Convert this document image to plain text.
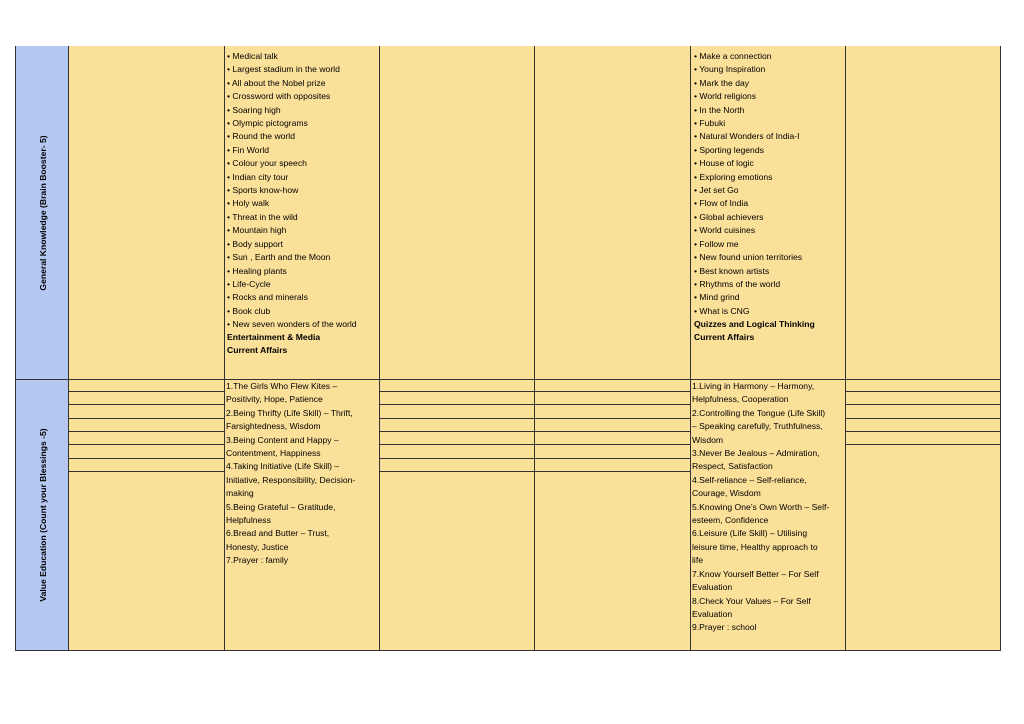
General Knowledge (Brain Booster- 5)
Value Education (Count your Blessings -5)
• Medical talk
• Largest stadium in the world
• All about the Nobel prize
• Crossword with opposites
• Soaring high
• Olympic pictograms
• Round the world
• Fin World
• Colour your speech
• Indian city tour
• Sports know-how
• Holy walk
• Threat in the wild
• Mountain high
• Body support
• Sun , Earth and the Moon
• Healing plants
• Life-Cycle
• Rocks and minerals
• Book club
• New seven wonders of the world
Entertainment & Media
Current Affairs
• Make a connection
• Young Inspiration
• Mark the day
• World religions
• In the North
• Fubuki
• Natural Wonders of India-I
• Sporting legends
• House of logic
• Exploring emotions
• Jet set Go
• Flow of India
• Global achievers
• World cuisines
• Follow me
• New found union territories
• Best known artists
• Rhythms of the world
• Mind grind
• What is CNG
Quizzes and Logical Thinking
Current Affairs
1.The Girls Who Flew Kites –
Positivity, Hope, Patience
2.Being Thrifty (Life Skill) – Thrift,
Farsightedness, Wisdom
3.Being Content and Happy –
Contentment, Happiness
4.Taking Initiative (Life Skill) –
Initiative, Responsibility, Decision-
making
5.Being Grateful – Gratitude,
Helpfulness
6.Bread and Butter – Trust,
Honesty, Justice
7.Prayer : family
1.Living in Harmony – Harmony,
Helpfulness, Cooperation
2.Controlling the Tongue (Life Skill)
– Speaking carefully, Truthfulness,
Wisdom
3.Never Be Jealous – Admiration,
Respect, Satisfaction
4.Self-reliance – Self-reliance,
Courage, Wisdom
5.Knowing One’s Own Worth – Self-
esteem, Confidence
6.Leisure (Life Skill) – Utilising
leisure time, Healthy approach to
life
7.Know Yourself Better – For Self
Evaluation
8.Check Your Values – For Self
Evaluation
9.Prayer : school
